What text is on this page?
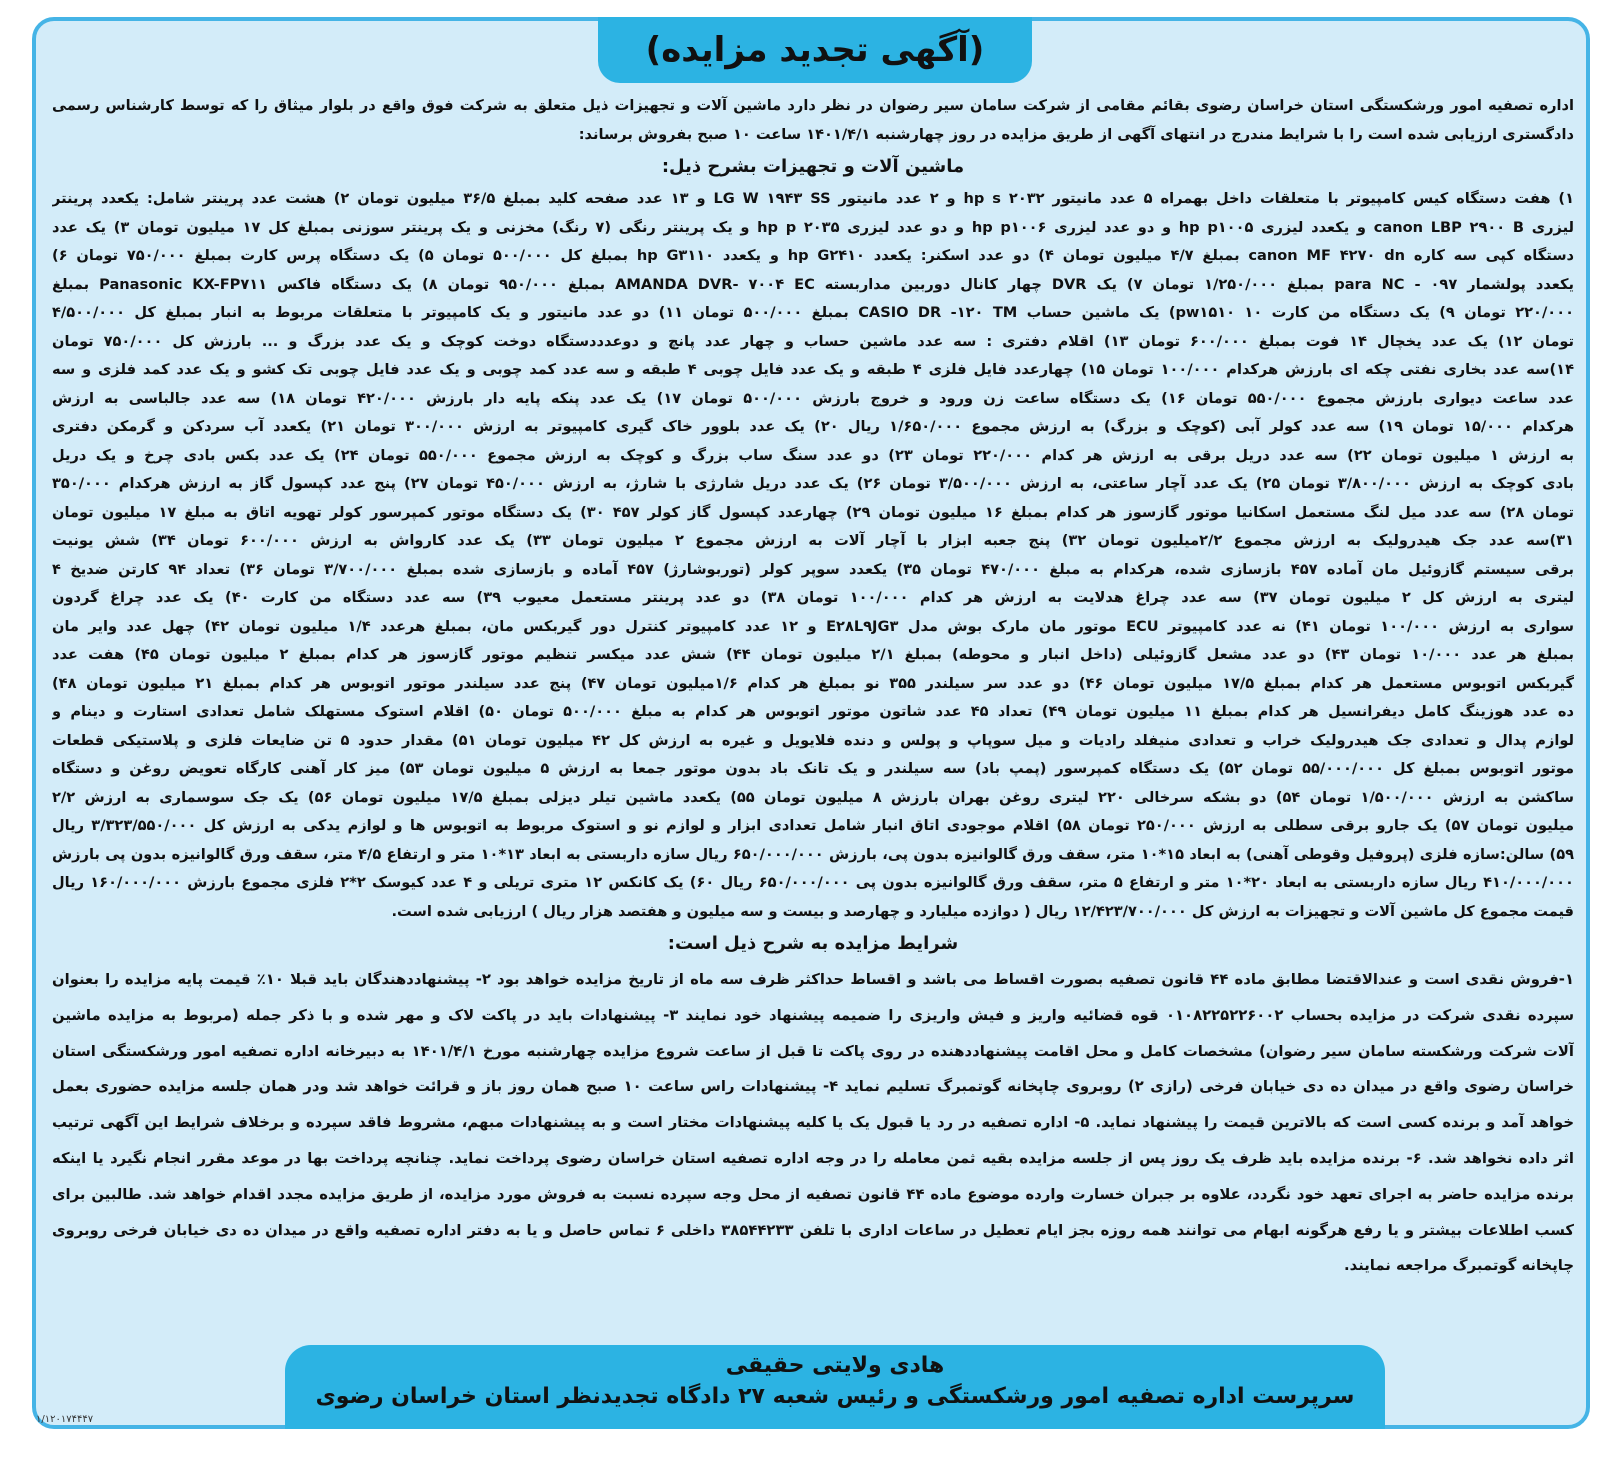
(آگهی تجدید مزایده)
اداره تصفیه امور ورشکستگی استان خراسان رضوی بقائم مقامی از شرکت سامان سیر رضوان در نظر دارد ماشین آلات و تجهیزات ذیل متعلق به شرکت فوق واقع در بلوار میثاق را که توسط کارشناس رسمی
دادگستری ارزیابی شده است را با شرایط مندرج در انتهای آگهی از طریق مزایده در روز چهارشنبه ۱۴۰۱/۴/۱ ساعت ۱۰ صبح بفروش برساند:
ماشین آلات و تجهیزات بشرح ذیل:
۱) هفت دستگاه کیس کامپیوتر با متعلقات داخل بهمراه ۵ عدد مانیتور hp s ۲۰۳۲ و ۲ عدد مانیتور LG W ۱۹۴۳ SS و ۱۳ عدد صفحه کلید بمبلغ ۳۶/۵ میلیون تومان ۲) هشت عدد پرینتر شامل: یکعدد پرینتر
لیزری canon LBP ۲۹۰۰ B و یکعدد لیزری hp p۱۰۰۵ و دو عدد لیزری hp p۱۰۰۶ و دو عدد لیزری hp p ۲۰۳۵ و یک پرینتر رنگی (۷ رنگ) مخزنی و یک پرینتر سوزنی بمبلغ کل ۱۷ میلیون تومان ۳) یک عدد
دستگاه کپی سه کاره canon MF ۴۲۷۰ dn بمبلغ ۴/۷ میلیون تومان ۴) دو عدد اسکنر: یکعدد hp G۲۴۱۰ و یکعدد hp G۳۱۱۰ بمبلغ کل ۵۰۰/۰۰۰ تومان ۵) یک دستگاه پرس کارت بمبلغ ۷۵۰/۰۰۰ تومان ۶)
یکعدد پولشمار para NC - ۰۹۷ بمبلغ ۱/۲۵۰/۰۰۰ تومان ۷) یک DVR چهار کانال دوربین مداربسته AMANDA DVR- ۷۰۰۴ EC بمبلغ ۹۵۰/۰۰۰ تومان ۸) یک دستگاه فاکس Panasonic KX-FP۷۱۱ بمبلغ
۲۲۰/۰۰۰ تومان ۹) یک دستگاه من کارت pw۱۵۱۰ ۱۰) یک ماشین حساب CASIO DR -۱۲۰ TM بمبلغ ۵۰۰/۰۰۰ تومان ۱۱) دو عدد مانیتور و یک کامپیوتر با متعلقات مربوط به انبار بمبلغ کل ۴/۵۰۰/۰۰۰
تومان ۱۲) یک عدد یخچال ۱۴ فوت بمبلغ ۶۰۰/۰۰۰ تومان ۱۳) اقلام دفتری : سه عدد ماشین حساب و چهار عدد پانچ و دوعدددستگاه دوخت کوچک و یک عدد بزرگ و ... بارزش کل ۷۵۰/۰۰۰ تومان
۱۴)سه عدد بخاری نفتی چکه ای بارزش هرکدام ۱۰۰/۰۰۰ تومان ۱۵) چهارعدد فایل فلزی ۴ طبقه و یک عدد فایل چوبی ۴ طبقه و سه عدد کمد چوبی و یک عدد فایل چوبی تک کشو و یک عدد کمد فلزی و سه
عدد ساعت دیواری بارزش مجموع ۵۵۰/۰۰۰ تومان ۱۶) یک دستگاه ساعت زن ورود و خروج بارزش ۵۰۰/۰۰۰ تومان ۱۷) یک عدد پنکه پایه دار بارزش ۴۲۰/۰۰۰ تومان ۱۸) سه عدد جالباسی به ارزش
هرکدام ۱۵/۰۰۰ تومان ۱۹) سه عدد کولر آبی (کوچک و بزرگ) به ارزش مجموع ۱/۶۵۰/۰۰۰ ریال ۲۰) یک عدد بلوور خاک گیری کامپیوتر به ارزش ۳۰۰/۰۰۰ تومان ۲۱) یکعدد آب سردکن و گرمکن دفتری
به ارزش ۱ میلیون تومان ۲۲) سه عدد دریل برقی به ارزش هر کدام ۲۲۰/۰۰۰ تومان ۲۳) دو عدد سنگ ساب بزرگ و کوچک به ارزش مجموع ۵۵۰/۰۰۰ تومان ۲۴) یک عدد بکس بادی چرخ و یک دریل
بادی کوچک به ارزش ۳/۸۰۰/۰۰۰ تومان ۲۵) یک عدد آچار ساعتی، به ارزش ۳/۵۰۰/۰۰۰ تومان ۲۶) یک عدد دریل شارژی با شارژ، به ارزش ۴۵۰/۰۰۰ تومان ۲۷) پنج عدد کپسول گاز به ارزش هرکدام ۳۵۰/۰۰۰
تومان ۲۸) سه عدد میل لنگ مستعمل اسکانیا موتور گازسوز هر کدام بمبلغ ۱۶ میلیون تومان ۲۹) چهارعدد کپسول گاز کولر ۴۵۷ ۳۰) یک دستگاه موتور کمپرسور کولر تهویه اتاق به مبلغ ۱۷ میلیون تومان
۳۱)سه عدد جک هیدرولیک به ارزش مجموع ۲/۲میلیون تومان ۳۲) پنج جعبه ابزار با آچار آلات به ارزش مجموع ۲ میلیون تومان ۳۳) یک عدد کارواش به ارزش ۶۰۰/۰۰۰ تومان ۳۴) شش یونیت
برقی سیستم گازوئیل مان آماده ۴۵۷ بازسازی شده، هرکدام به مبلغ ۴۷۰/۰۰۰ تومان ۳۵) یکعدد سوپر کولر (توربوشارژ) ۴۵۷ آماده و بازسازی شده بمبلغ ۳/۷۰۰/۰۰۰ تومان ۳۶) تعداد ۹۴ کارتن ضدیخ ۴
لیتری به ارزش کل ۲ میلیون تومان ۳۷) سه عدد چراغ هدلایت به ارزش هر کدام ۱۰۰/۰۰۰ تومان ۳۸) دو عدد پرینتر مستعمل معیوب ۳۹) سه عدد دستگاه من کارت ۴۰) یک عدد چراغ گردون
سواری به ارزش ۱۰۰/۰۰۰ تومان ۴۱) نه عدد کامپیوتر ECU موتور مان مارک بوش مدل E۲۸L۹JG۳ و ۱۲ عدد کامپیوتر کنترل دور گیربکس مان، بمبلغ هرعدد ۱/۴ میلیون تومان ۴۲) چهل عدد وایر مان
بمبلغ هر عدد ۱۰/۰۰۰ تومان ۴۳) دو عدد مشعل گازوئیلی (داخل انبار و محوطه) بمبلغ ۲/۱ میلیون تومان ۴۴) شش عدد میکسر تنظیم موتور گازسوز هر کدام بمبلغ ۲ میلیون تومان ۴۵) هفت عدد
گیربکس اتوبوس مستعمل هر کدام بمبلغ ۱۷/۵ میلیون تومان ۴۶) دو عدد سر سیلندر ۳۵۵ نو بمبلغ هر کدام ۱/۶میلیون تومان ۴۷) پنج عدد سیلندر موتور اتوبوس هر کدام بمبلغ ۲۱ میلیون تومان ۴۸)
ده عدد هوزینگ کامل دیفرانسیل هر کدام بمبلغ ۱۱ میلیون تومان ۴۹) تعداد ۴۵ عدد شاتون موتور اتوبوس هر کدام به مبلغ ۵۰۰/۰۰۰ تومان ۵۰) اقلام استوک مستهلک شامل تعدادی استارت و دینام و
لوازم پدال و تعدادی جک هیدرولیک خراب و تعدادی منیفلد رادیات و میل سوپاپ و پولس و دنده فلایویل و غیره به ارزش کل ۴۲ میلیون تومان ۵۱) مقدار حدود ۵ تن ضایعات فلزی و پلاستیکی قطعات
موتور اتوبوس بمبلغ کل ۵۵/۰۰۰/۰۰۰ تومان ۵۲) یک دستگاه کمپرسور (پمپ باد) سه سیلندر و یک تانک باد بدون موتور جمعا به ارزش ۵ میلیون تومان ۵۳) میز کار آهنی کارگاه تعویض روغن و دستگاه
ساکشن به ارزش ۱/۵۰۰/۰۰۰ تومان ۵۴) دو بشکه سرخالی ۲۲۰ لیتری روغن بهران بارزش ۸ میلیون تومان ۵۵) یکعدد ماشین تیلر دیزلی بمبلغ ۱۷/۵ میلیون تومان ۵۶) یک جک سوسماری به ارزش ۲/۲
میلیون تومان ۵۷) یک جارو برقی سطلی به ارزش ۲۵۰/۰۰۰ تومان ۵۸) اقلام موجودی اتاق انبار شامل تعدادی ابزار و لوازم نو و استوک مربوط به اتوبوس ها و لوازم یدکی به ارزش کل ۳/۳۲۳/۵۵۰/۰۰۰ ریال
۵۹) سالن:سازه فلزی (پروفیل وقوطی آهنی) به ابعاد ۱۵*۱۰ متر، سقف ورق گالوانیزه بدون پی، بارزش ۶۵۰/۰۰۰/۰۰۰ ریال سازه داربستی به ابعاد ۱۳*۱۰ متر و ارتفاع ۴/۵ متر، سقف ورق گالوانیزه بدون پی بارزش
۴۱۰/۰۰۰/۰۰۰ ریال سازه داربستی به ابعاد ۲۰*۱۰ متر و ارتفاع ۵ متر، سقف ورق گالوانیزه بدون پی ۶۵۰/۰۰۰/۰۰۰ ریال ۶۰) یک کانکس ۱۲ متری تریلی و ۴ عدد کیوسک ۲*۲ فلزی مجموع بارزش ۱۶۰/۰۰۰/۰۰۰ ریال
قیمت مجموع کل ماشین آلات و تجهیزات به ارزش کل ۱۲/۴۲۳/۷۰۰/۰۰۰ ریال ( دوازده میلیارد و چهارصد و بیست و سه میلیون و هفتصد هزار ریال ) ارزیابی شده است.
شرایط مزایده به شرح ذیل است:
۱-فروش نقدی است و عندالاقتضا مطابق ماده ۴۴ قانون تصفیه بصورت اقساط می باشد و اقساط حداکثر ظرف سه ماه از تاریخ مزایده خواهد بود ۲- پیشنهاددهندگان باید قبلا ۱۰٪ قیمت پایه مزایده را بعنوان
سپرده نقدی شرکت در مزایده بحساب ۰۱۰۸۲۲۵۲۲۶۰۰۲ قوه قضائیه واریز و فیش واریزی را ضمیمه پیشنهاد خود نمایند ۳- پیشنهادات باید در پاکت لاک و مهر شده و با ذکر جمله (مربوط به مزایده ماشین
آلات شرکت ورشکسته سامان سیر رضوان) مشخصات کامل و محل اقامت پیشنهاددهنده در روی پاکت تا قبل از ساعت شروع مزایده چهارشنبه مورخ ۱۴۰۱/۴/۱ به دبیرخانه اداره تصفیه امور ورشکستگی استان
خراسان رضوی واقع در میدان ده دی خیابان فرخی (رازی ۲) روبروی چاپخانه گوتمبرگ تسلیم نماید ۴- پیشنهادات راس ساعت ۱۰ صبح همان روز باز و قرائت خواهد شد ودر همان جلسه مزایده حضوری بعمل
خواهد آمد و برنده کسی است که بالاترین قیمت را پیشنهاد نماید. ۵- اداره تصفیه در رد یا قبول یک یا کلیه پیشنهادات مختار است و به پیشنهادات مبهم، مشروط فاقد سپرده و برخلاف شرایط این آگهی ترتیب
اثر داده نخواهد شد. ۶- برنده مزایده باید ظرف یک روز پس از جلسه مزایده بقیه ثمن معامله را در وجه اداره تصفیه استان خراسان رضوی پرداخت نماید. چنانچه پرداخت بها در موعد مقرر انجام نگیرد یا اینکه
برنده مزایده حاضر به اجرای تعهد خود نگردد، علاوه بر جبران خسارت وارده موضوع ماده ۴۴ قانون تصفیه از محل وجه سپرده نسبت به فروش مورد مزایده، از طریق مزایده مجدد اقدام خواهد شد. طالبین برای
کسب اطلاعات بیشتر و یا رفع هرگونه ابهام می توانند همه روزه بجز ایام تعطیل در ساعات اداری با تلفن ۳۸۵۴۴۲۳۳ داخلی ۶ تماس حاصل و یا به دفتر اداره تصفیه واقع در میدان ده دی خیابان فرخی روبروی
چاپخانه گوتمبرگ مراجعه نمایند.
هادی ولایتی حقیقی
سرپرست اداره تصفیه امور ورشکستگی و رئیس شعبه ۲۷ دادگاه تجدیدنظر استان خراسان رضوی
۱/۱۲۰۱۷۴۴۴۷
